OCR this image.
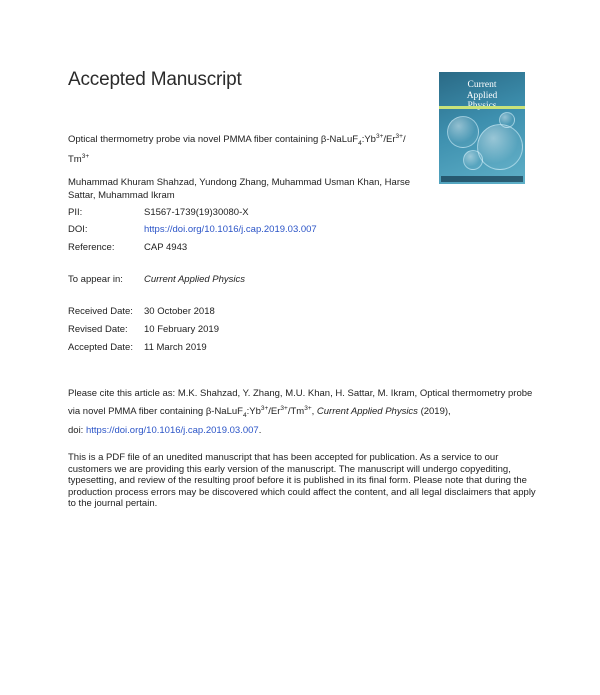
Accepted Manuscript	Current
Applied
Optical thermometry probe via novel PMMA fiber containing $\beta-NaLuF_4:Yb^{3+}/Er^{3+}/$
$Tm^{3+}$
Muhammad Khuram Shahzad, Yundong Zhang, Muhammad Usman Khan, Harse Sattar, Muhammad Ikram
PII:	S1567-1739(19)30080-X
DOI:	https://doi.org/10.1016/j.cap.2019.03.007
Reference:	CAP 4943
To appear in: Current Applied Physics
Received Date: 30 October 2018
Revised Date: 10 February 2019
Accepted Date: 11 March 2019
Please cite this article as: M.K. Shahzad, Y. Zhang, M.U. Khan, H. Sattar, M. Ikram, Optical thermometry probe via novel PMMA fiber containing $\beta-NaLuF_4:Yb^{3+}/Er^{3+}/Tm^{3+}$, Current Applied Physics (2019),
doi: https://doi.org/10.1016/j.cap.2019.03.007.
This is a PDF file of an unedited manuscript that has been accepted for publication. As a service to our customers we are providing this early version of the manuscript. The manuscript will undergo copyediting, typesetting, and review of the resulting proof before it is published in its final form. Please note that during the production process errors may be discovered which could affect the content, and all legal disclaimers that apply to the journal pertain.
